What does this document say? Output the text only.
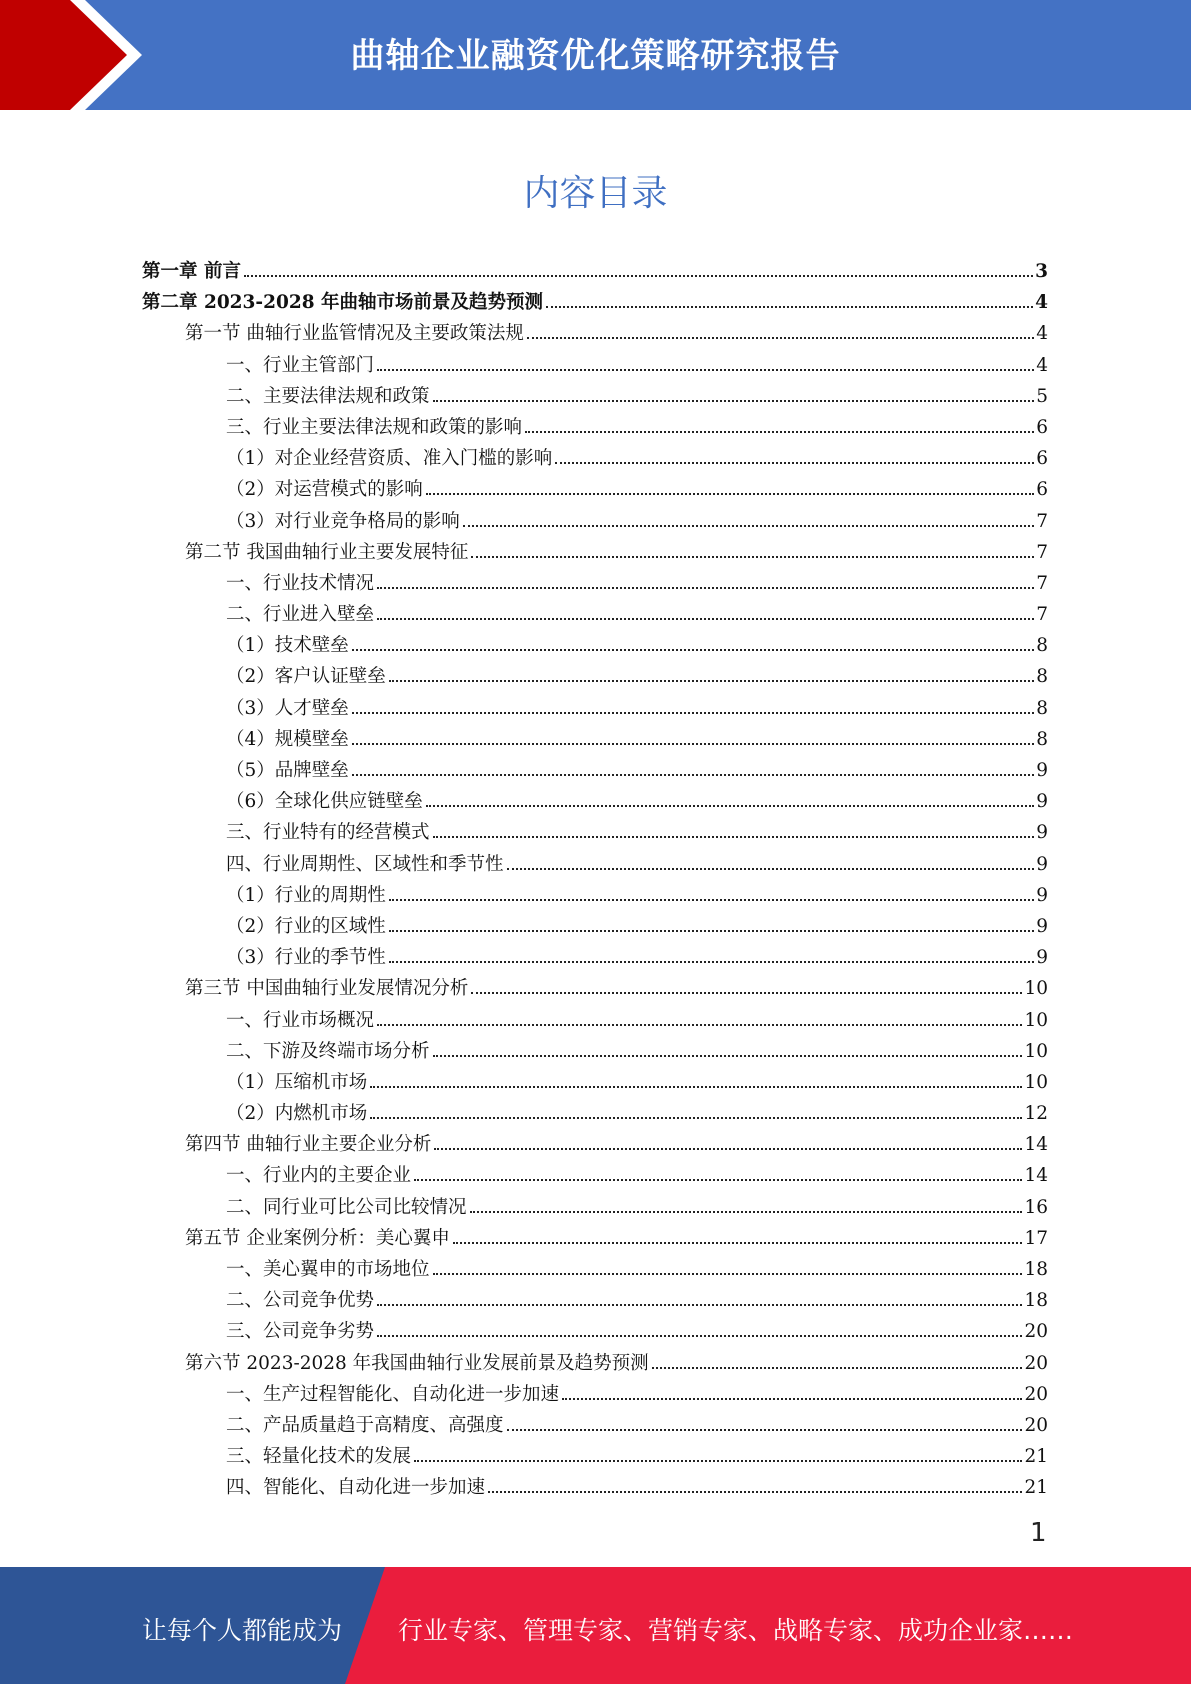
曲轴企业融资优化策略研究报告
内容目录
第一章 前言	3
第二章 2023-2028 年曲轴市场前景及趋势预测	4
第一节 曲轴行业监管情况及主要政策法规	4
一、行业主管部门	4
二、主要法律法规和政策	5
三、行业主要法律法规和政策的影响	6
（1）对企业经营资质、准入门槛的影响	6
（2）对运营模式的影响	6
（3）对行业竞争格局的影响	7
第二节 我国曲轴行业主要发展特征	7
一、行业技术情况	7
二、行业进入壁垒	7
（1）技术壁垒	8
（2）客户认证壁垒	8
（3）人才壁垒	8
（4）规模壁垒	8
（5）品牌壁垒	9
（6）全球化供应链壁垒	9
三、行业特有的经营模式	9
四、行业周期性、区域性和季节性	9
（1）行业的周期性	9
（2）行业的区域性	9
（3）行业的季节性	9
第三节 中国曲轴行业发展情况分析	10
一、行业市场概况	10
二、下游及终端市场分析	10
（1）压缩机市场	10
（2）内燃机市场	12
第四节 曲轴行业主要企业分析	14
一、行业内的主要企业	14
二、同行业可比公司比较情况	16
第五节 企业案例分析：美心翼申	17
一、美心翼申的市场地位	18
二、公司竞争优势	18
三、公司竞争劣势	20
第六节 2023-2028 年我国曲轴行业发展前景及趋势预测	20
一、生产过程智能化、自动化进一步加速	20
二、产品质量趋于高精度、高强度	20
三、轻量化技术的发展	21
四、智能化、自动化进一步加速	21
1
让每个人都能成为 行业专家、管理专家、营销专家、战略专家、成功企业家……
